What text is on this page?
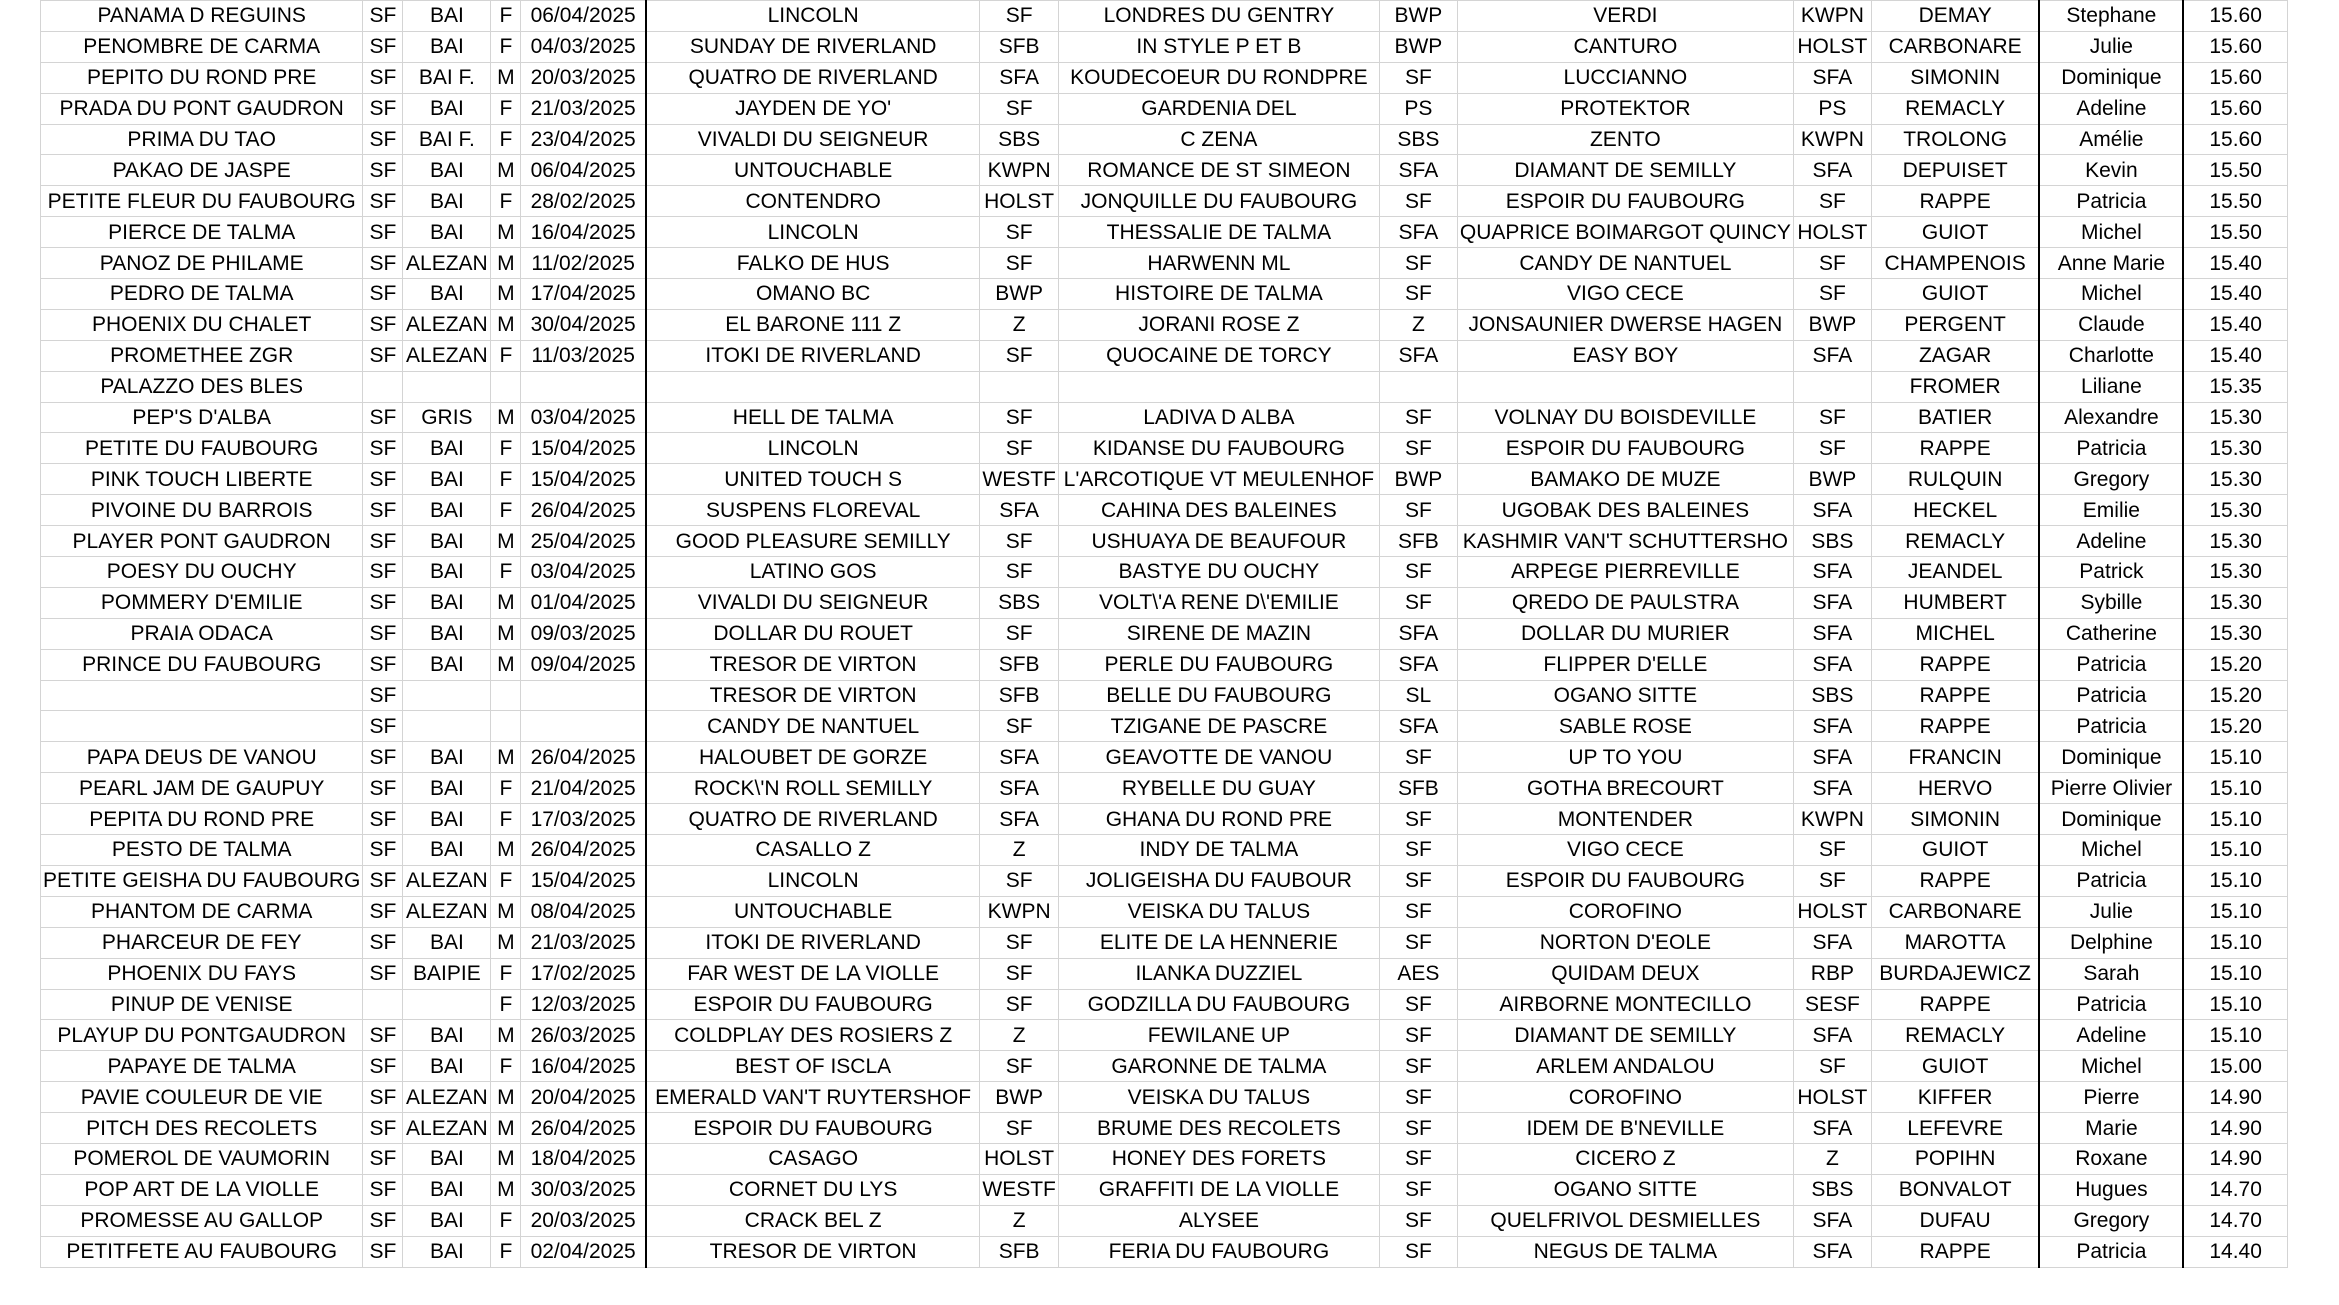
PANAMA D REGUINS	SF	BAI	F	06/04/2025	LINCOLN	SF	LONDRES DU GENTRY	BWP	VERDI	KWPN	DEMAY	Stephane	15.60
PENOMBRE DE CARMA	SF	BAI	F	04/03/2025	SUNDAY DE RIVERLAND	SFB	IN STYLE P ET B	BWP	CANTURO	HOLST	CARBONARE	Julie	15.60
PEPITO DU ROND PRE	SF	BAI F.	M	20/03/2025	QUATRO DE RIVERLAND	SFA	KOUDECOEUR DU RONDPRE	SF	LUCCIANNO	SFA	SIMONIN	Dominique	15.60
PRADA DU PONT GAUDRON	SF	BAI	F	21/03/2025	JAYDEN DE YO'	SF	GARDENIA DEL	PS	PROTEKTOR	PS	REMACLY	Adeline	15.60
PRIMA DU TAO	SF	BAI F.	F	23/04/2025	VIVALDI DU SEIGNEUR	SBS	C ZENA	SBS	ZENTO	KWPN	TROLONG	Amélie	15.60
PAKAO DE JASPE	SF	BAI	M	06/04/2025	UNTOUCHABLE	KWPN	ROMANCE DE ST SIMEON	SFA	DIAMANT DE SEMILLY	SFA	DEPUISET	Kevin	15.50
PETITE FLEUR DU FAUBOURG	SF	BAI	F	28/02/2025	CONTENDRO	HOLST	JONQUILLE DU FAUBOURG	SF	ESPOIR DU FAUBOURG	SF	RAPPE	Patricia	15.50
PIERCE DE TALMA	SF	BAI	M	16/04/2025	LINCOLN	SF	THESSALIE DE TALMA	SFA	QUAPRICE BOIMARGOT QUINCY	HOLST	GUIOT	Michel	15.50
PANOZ DE PHILAME	SF	ALEZAN	M	11/02/2025	FALKO DE HUS	SF	HARWENN ML	SF	CANDY DE NANTUEL	SF	CHAMPENOIS	Anne Marie	15.40
PEDRO DE TALMA	SF	BAI	M	17/04/2025	OMANO BC	BWP	HISTOIRE DE TALMA	SF	VIGO CECE	SF	GUIOT	Michel	15.40
PHOENIX DU CHALET	SF	ALEZAN	M	30/04/2025	EL BARONE 111 Z	Z	JORANI ROSE Z	Z	JONSAUNIER DWERSE HAGEN	BWP	PERGENT	Claude	15.40
PROMETHEE ZGR	SF	ALEZAN	F	11/03/2025	ITOKI DE RIVERLAND	SF	QUOCAINE DE TORCY	SFA	EASY BOY	SFA	ZAGAR	Charlotte	15.40
PALAZZO DES BLES											FROMER	Liliane	15.35
PEP'S D'ALBA	SF	GRIS	M	03/04/2025	HELL DE TALMA	SF	LADIVA D ALBA	SF	VOLNAY DU BOISDEVILLE	SF	BATIER	Alexandre	15.30
PETITE DU FAUBOURG	SF	BAI	F	15/04/2025	LINCOLN	SF	KIDANSE DU FAUBOURG	SF	ESPOIR DU FAUBOURG	SF	RAPPE	Patricia	15.30
PINK TOUCH LIBERTE	SF	BAI	F	15/04/2025	UNITED TOUCH S	WESTF	L'ARCOTIQUE VT MEULENHOF	BWP	BAMAKO DE MUZE	BWP	RULQUIN	Gregory	15.30
PIVOINE DU BARROIS	SF	BAI	F	26/04/2025	SUSPENS FLOREVAL	SFA	CAHINA DES BALEINES	SF	UGOBAK DES BALEINES	SFA	HECKEL	Emilie	15.30
PLAYER PONT GAUDRON	SF	BAI	M	25/04/2025	GOOD PLEASURE SEMILLY	SF	USHUAYA DE BEAUFOUR	SFB	KASHMIR VAN'T SCHUTTERSHO	SBS	REMACLY	Adeline	15.30
POESY DU OUCHY	SF	BAI	F	03/04/2025	LATINO GOS	SF	BASTYE DU OUCHY	SF	ARPEGE PIERREVILLE	SFA	JEANDEL	Patrick	15.30
POMMERY D'EMILIE	SF	BAI	M	01/04/2025	VIVALDI DU SEIGNEUR	SBS	VOLT\'A RENE D\'EMILIE	SF	QREDO DE PAULSTRA	SFA	HUMBERT	Sybille	15.30
PRAIA ODACA	SF	BAI	M	09/03/2025	DOLLAR DU ROUET	SF	SIRENE DE MAZIN	SFA	DOLLAR DU MURIER	SFA	MICHEL	Catherine	15.30
PRINCE DU FAUBOURG	SF	BAI	M	09/04/2025	TRESOR DE VIRTON	SFB	PERLE DU FAUBOURG	SFA	FLIPPER D'ELLE	SFA	RAPPE	Patricia	15.20
	SF				TRESOR DE VIRTON	SFB	BELLE DU FAUBOURG	SL	OGANO SITTE	SBS	RAPPE	Patricia	15.20
	SF				CANDY DE NANTUEL	SF	TZIGANE DE PASCRE	SFA	SABLE ROSE	SFA	RAPPE	Patricia	15.20
PAPA DEUS DE VANOU	SF	BAI	M	26/04/2025	HALOUBET DE GORZE	SFA	GEAVOTTE DE VANOU	SF	UP TO YOU	SFA	FRANCIN	Dominique	15.10
PEARL JAM DE GAUPUY	SF	BAI	F	21/04/2025	ROCK\'N ROLL SEMILLY	SFA	RYBELLE DU GUAY	SFB	GOTHA BRECOURT	SFA	HERVO	Pierre Olivier	15.10
PEPITA DU ROND PRE	SF	BAI	F	17/03/2025	QUATRO DE RIVERLAND	SFA	GHANA DU ROND PRE	SF	MONTENDER	KWPN	SIMONIN	Dominique	15.10
PESTO DE TALMA	SF	BAI	M	26/04/2025	CASALLO Z	Z	INDY DE TALMA	SF	VIGO CECE	SF	GUIOT	Michel	15.10
PETITE GEISHA DU FAUBOURG	SF	ALEZAN	F	15/04/2025	LINCOLN	SF	JOLIGEISHA DU FAUBOUR	SF	ESPOIR DU FAUBOURG	SF	RAPPE	Patricia	15.10
PHANTOM DE CARMA	SF	ALEZAN	M	08/04/2025	UNTOUCHABLE	KWPN	VEISKA DU TALUS	SF	COROFINO	HOLST	CARBONARE	Julie	15.10
PHARCEUR DE FEY	SF	BAI	M	21/03/2025	ITOKI DE RIVERLAND	SF	ELITE DE LA HENNERIE	SF	NORTON D'EOLE	SFA	MAROTTA	Delphine	15.10
PHOENIX DU FAYS	SF	BAIPIE	F	17/02/2025	FAR WEST DE LA VIOLLE	SF	ILANKA DUZZIEL	AES	QUIDAM DEUX	RBP	BURDAJEWICZ	Sarah	15.10
PINUP DE VENISE			F	12/03/2025	ESPOIR DU FAUBOURG	SF	GODZILLA DU FAUBOURG	SF	AIRBORNE MONTECILLO	SESF	RAPPE	Patricia	15.10
PLAYUP DU PONTGAUDRON	SF	BAI	M	26/03/2025	COLDPLAY DES ROSIERS Z	Z	FEWILANE UP	SF	DIAMANT DE SEMILLY	SFA	REMACLY	Adeline	15.10
PAPAYE DE TALMA	SF	BAI	F	16/04/2025	BEST OF ISCLA	SF	GARONNE DE TALMA	SF	ARLEM ANDALOU	SF	GUIOT	Michel	15.00
PAVIE COULEUR DE VIE	SF	ALEZAN	M	20/04/2025	EMERALD VAN'T RUYTERSHOF	BWP	VEISKA DU TALUS	SF	COROFINO	HOLST	KIFFER	Pierre	14.90
PITCH DES RECOLETS	SF	ALEZAN	M	26/04/2025	ESPOIR DU FAUBOURG	SF	BRUME DES RECOLETS	SF	IDEM DE B'NEVILLE	SFA	LEFEVRE	Marie	14.90
POMEROL DE VAUMORIN	SF	BAI	M	18/04/2025	CASAGO	HOLST	HONEY DES FORETS	SF	CICERO Z	Z	POPIHN	Roxane	14.90
POP ART DE LA VIOLLE	SF	BAI	M	30/03/2025	CORNET DU LYS	WESTF	GRAFFITI DE LA VIOLLE	SF	OGANO SITTE	SBS	BONVALOT	Hugues	14.70
PROMESSE AU GALLOP	SF	BAI	F	20/03/2025	CRACK BEL Z	Z	ALYSEE	SF	QUELFRIVOL DESMIELLES	SFA	DUFAU	Gregory	14.70
PETITFETE AU FAUBOURG	SF	BAI	F	02/04/2025	TRESOR DE VIRTON	SFB	FERIA DU FAUBOURG	SF	NEGUS DE TALMA	SFA	RAPPE	Patricia	14.40
